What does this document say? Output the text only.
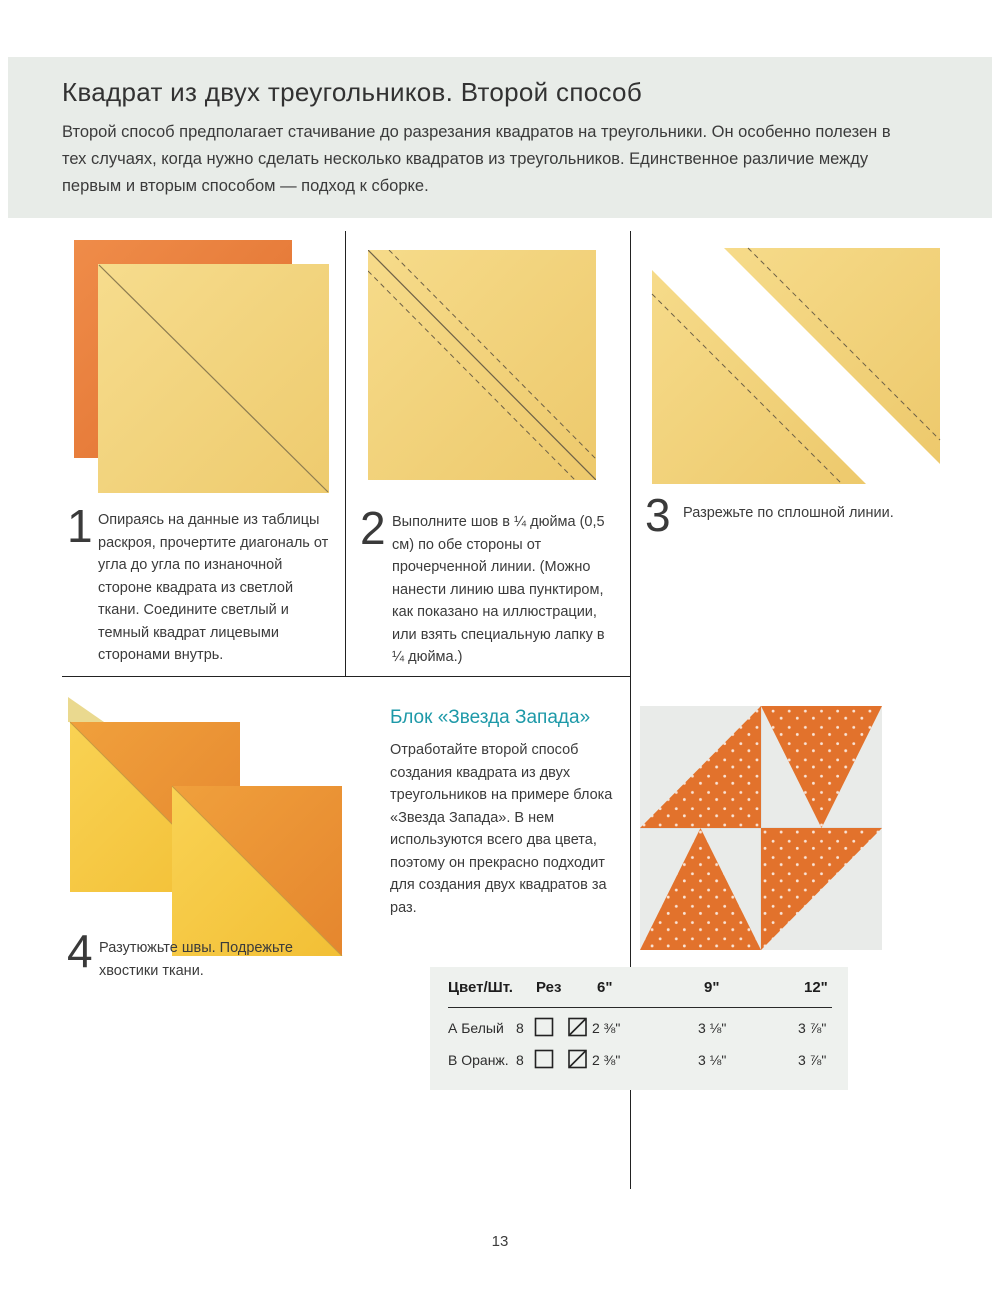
Квадрат из двух треугольников. Второй способ

Второй способ предполагает стачивание до разрезания квадратов на треугольники. Он особенно полезен в тех случаях, когда нужно сделать несколько квадратов из треугольников. Единственное различие между первым и вторым способом — подход к сборке.

1 Опираясь на данные из таблицы раскроя, прочертите диагональ от угла до угла по изнаночной стороне квадрата из светлой ткани. Соедините светлый и темный квадрат лицевыми сторонами внутрь.

2 Выполните шов в ¼ дюйма (0,5 см) по обе стороны от прочерченной линии. (Можно нанести линию шва пунктиром, как показано на иллюстрации, или взять специальную лапку в ¼ дюйма.)

3 Разрежьте по сплошной линии.

4 Разутюжьте швы. Подрежьте хвостики ткани.

Блок «Звезда Запада»

Отработайте второй способ создания квадрата из двух треугольников на примере блока «Звезда Запада». В нем используются всего два цвета, поэтому он прекрасно подходит для создания двух квадратов за раз.

Цвет/Шт. Рез 6"	9"	12"
А Белый 8	2 ⅜"	3 ⅛"	3 ⅞"
В Оранж. 8	2 ⅜"	3 ⅛"	3 ⅞"
13
